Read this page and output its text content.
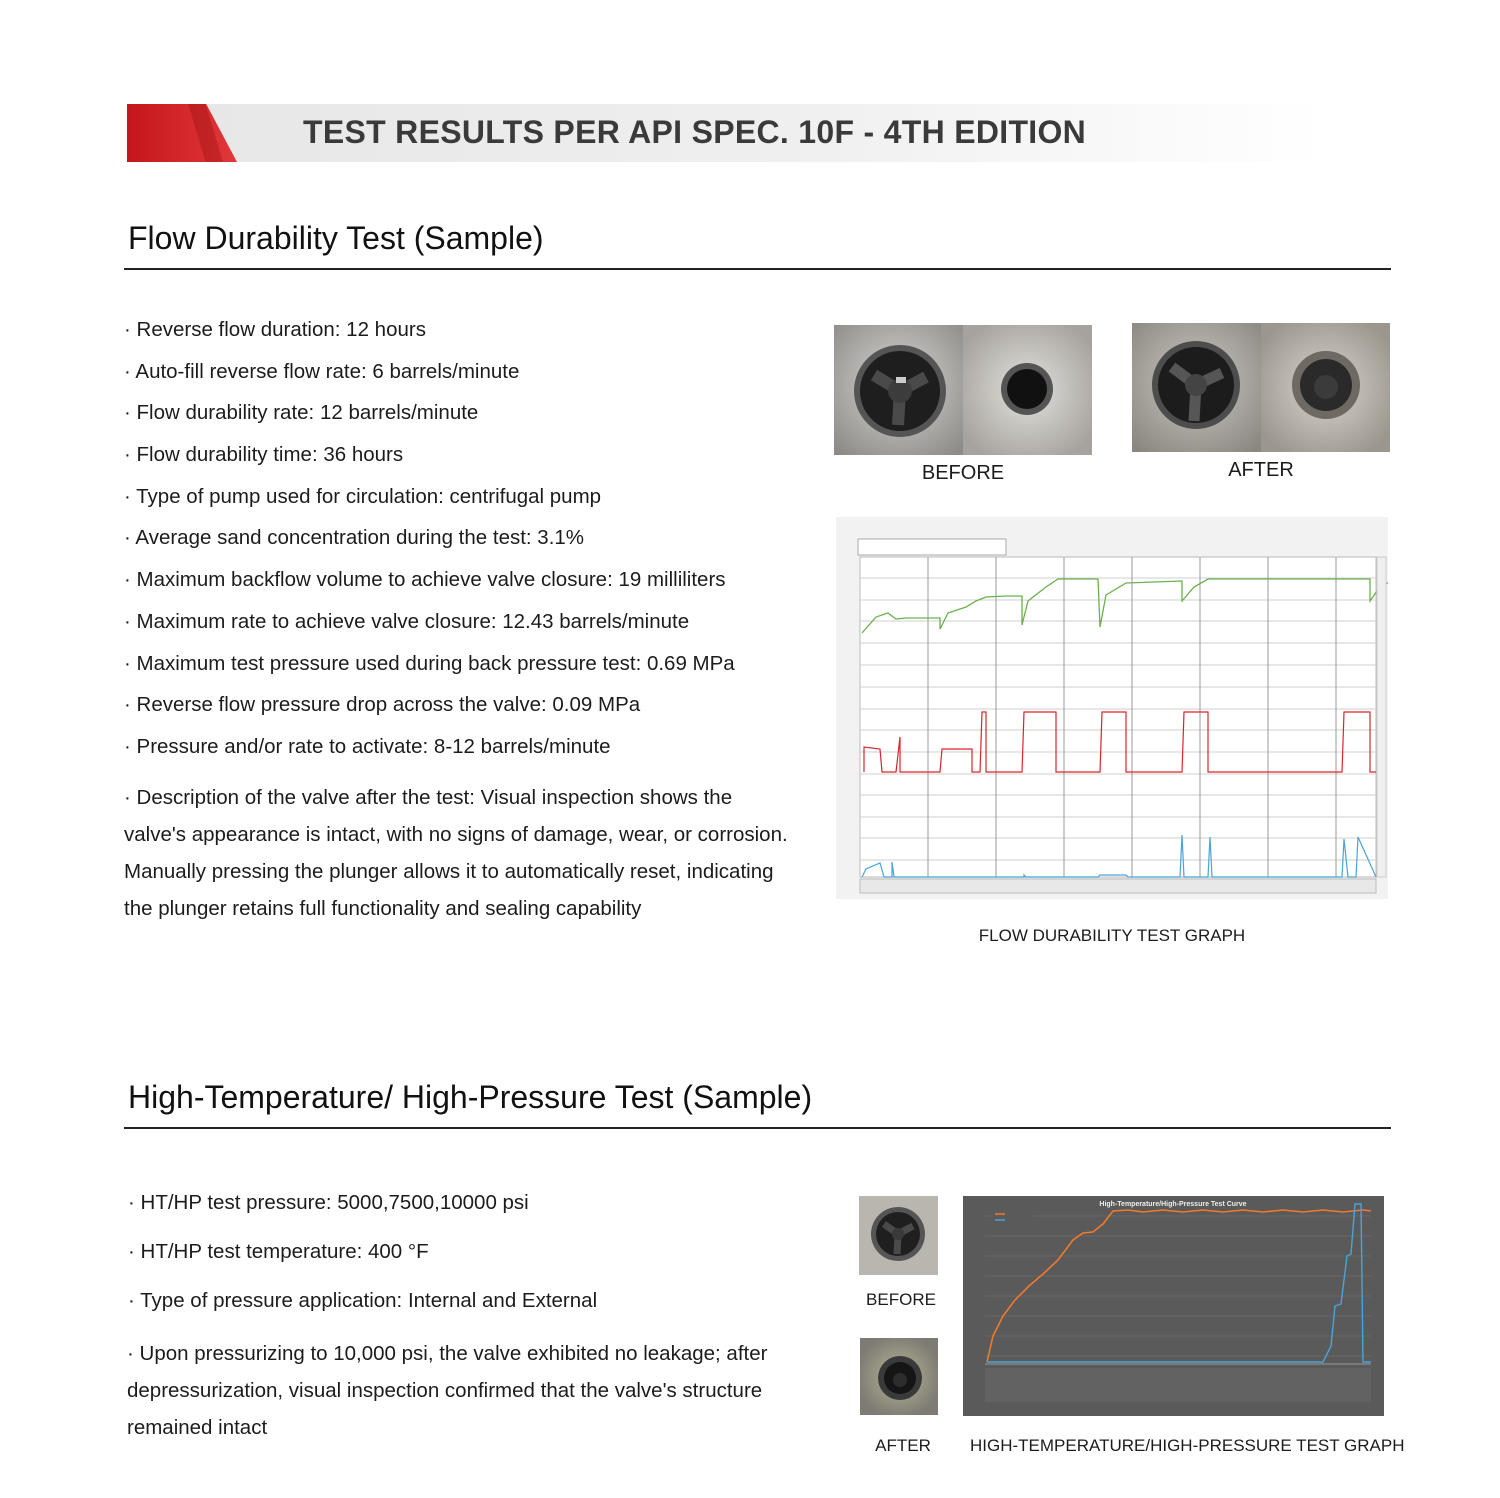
TEST RESULTS PER API SPEC. 10F - 4TH EDITION
Flow Durability Test (Sample)
· Reverse flow duration: 12 hours
· Auto-fill reverse flow rate: 6 barrels/minute
· Flow durability rate: 12 barrels/minute
· Flow durability time: 36 hours
· Type of pump used for circulation: centrifugal pump
· Average sand concentration during the test: 3.1%
· Maximum backflow volume to achieve valve closure: 19 milliliters
· Maximum rate to achieve valve closure: 12.43 barrels/minute
· Maximum test pressure used during back pressure test: 0.69 MPa
· Reverse flow pressure drop across the valve: 0.09 MPa
· Pressure and/or rate to activate: 8-12 barrels/minute
· Description of the valve after the test: Visual inspection shows the valve's appearance is intact, with no signs of damage, wear, or corrosion. Manually pressing the plunger allows it to automatically reset, indicating the plunger retains full functionality and sealing capability
BEFORE	AFTER
FLOW DURABILITY TEST GRAPH
High-Temperature/ High-Pressure Test (Sample)
· HT/HP test pressure: 5000,7500,10000 psi
· HT/HP test temperature: 400 °F
· Type of pressure application: Internal and External
· Upon pressurizing to 10,000 psi, the valve exhibited no leakage; after depressurization, visual inspection confirmed that the valve's structure remained intact
BEFORE
AFTER
High-Temperature/High-Pressure Test Curve
HIGH-TEMPERATURE/HIGH-PRESSURE TEST GRAPH
